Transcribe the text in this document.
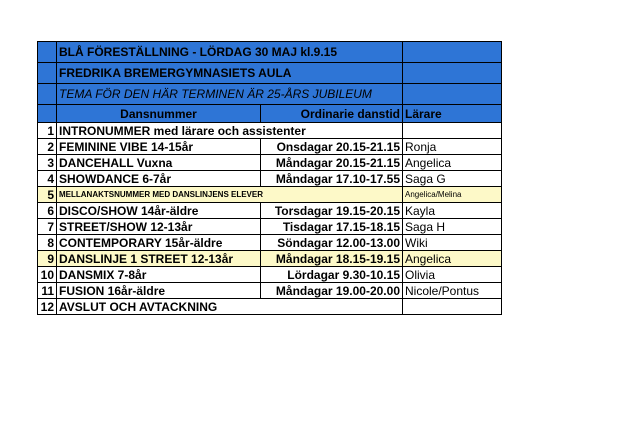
	BLÅ FÖRESTÄLLNING - LÖRDAG 30 MAJ kl.9.15		
	FREDRIKA BREMERGYMNASIETS AULA		
	TEMA FÖR DEN HÄR TERMINEN ÄR 25-ÅRS JUBILEUM		
	Dansnummer	Ordinarie danstid	Lärare
1	INTRONUMMER med lärare och assistenter		
2	FEMININE VIBE 14-15år	Onsdagar 20.15-21.15	Ronja
3	DANCEHALL Vuxna	Måndagar 20.15-21.15	Angelica
4	SHOWDANCE 6-7år	Måndagar 17.10-17.55	Saga G
5	MELLANAKTSNUMMER MED DANSLINJENS ELEVER		Angelica/Melina
6	DISCO/SHOW 14år-äldre	Torsdagar 19.15-20.15	Kayla
7	STREET/SHOW 12-13år	Tisdagar 17.15-18.15	Saga H
8	CONTEMPORARY 15år-äldre	Söndagar 12.00-13.00	Wiki
9	DANSLINJE 1 STREET 12-13år	Måndagar 18.15-19.15	Angelica
10	DANSMIX 7-8år	Lördagar 9.30-10.15	Olivia
11	FUSION 16år-äldre	Måndagar 19.00-20.00	Nicole/Pontus
12	AVSLUT OCH AVTACKNING		
